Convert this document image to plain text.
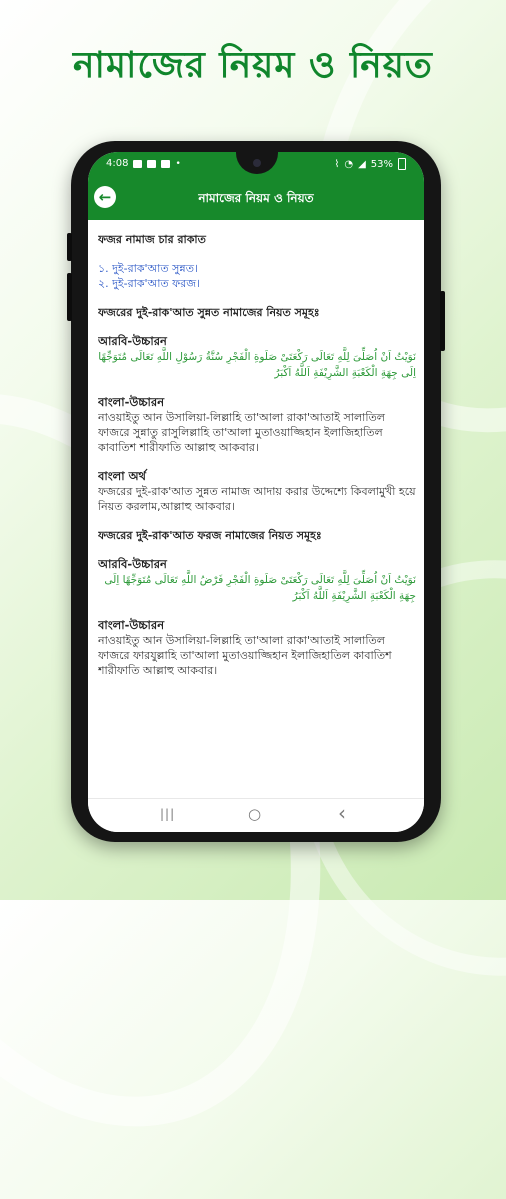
নামাজের নিয়ম ও নিয়ত
4:08	•	⌇ ◔ ◢ 53%
←	নামাজের নিয়ম ও নিয়ত

ফজর নামাজ চার রাকাত

১. দুই-রাক'আত সুন্নত।

২. দুই-রাক'আত ফরজ।

ফজরের দুই-রাক'আত সুন্নত নামাজের নিয়ত সমূহঃ

আরবি-উচ্চারন

نَوَيْتُ اَنْ اُصَلِّىَ لِلَّهِ تَعَالَى رَكْعَتَىْ صَلَوةِ الْفَجْرِ سُنَّةُ رَسُوْلِ اللَّهِ تَعَالَى مُتَوَجِّهًا اِلَى جِهَةِ الْكَعْبَةِ الشَّرِيْفَةِ اَللَّهُ اَكْبَرُ

বাংলা-উচ্চারন

নাওয়াইতু আন উসালিয়া-লিল্লাহি তা'আলা রাকা'আতাই সালাতিল ফাজরে সুন্নাতু রাসুলিল্লাহি তা'আলা মুতাওয়াজ্জিহান ইলাজিহাতিল কাবাতিশ শারীফাতি আল্লাহু আকবার।

বাংলা অর্থ

ফজরের দুই-রাক'আত সুন্নত নামাজ আদায় করার উদ্দেশ্যে কিবলামুখী হয়ে নিয়ত করলাম,আল্লাহু আকবার।

ফজরের দুই-রাক'আত ফরজ নামাজের নিয়ত সমূহঃ

আরবি-উচ্চারন

نَوَيْتُ اَنْ اُصَلِّىَ لِلَّهِ تَعَالَى رَكْعَتَىْ صَلَوةِ الْفَجْرِ فَرْضُ اللَّهِ تَعَالَى مُتَوَجِّهًا اِلَى جِهَةِ الْكَعْبَةِ الشَّرِيْفَةِ اَللَّهُ اَكْبَرُ

বাংলা-উচ্চারন

নাওয়াইতু আন উসালিয়া-লিল্লাহি তা'আলা রাকা'আতাই সালাতিল ফাজরে ফারযুল্লাহি তা'আলা মুতাওয়াজ্জিহান ইলাজিহাতিল কাবাতিশ শারীফাতি আল্লাহু আকবার।

|||	○	‹
